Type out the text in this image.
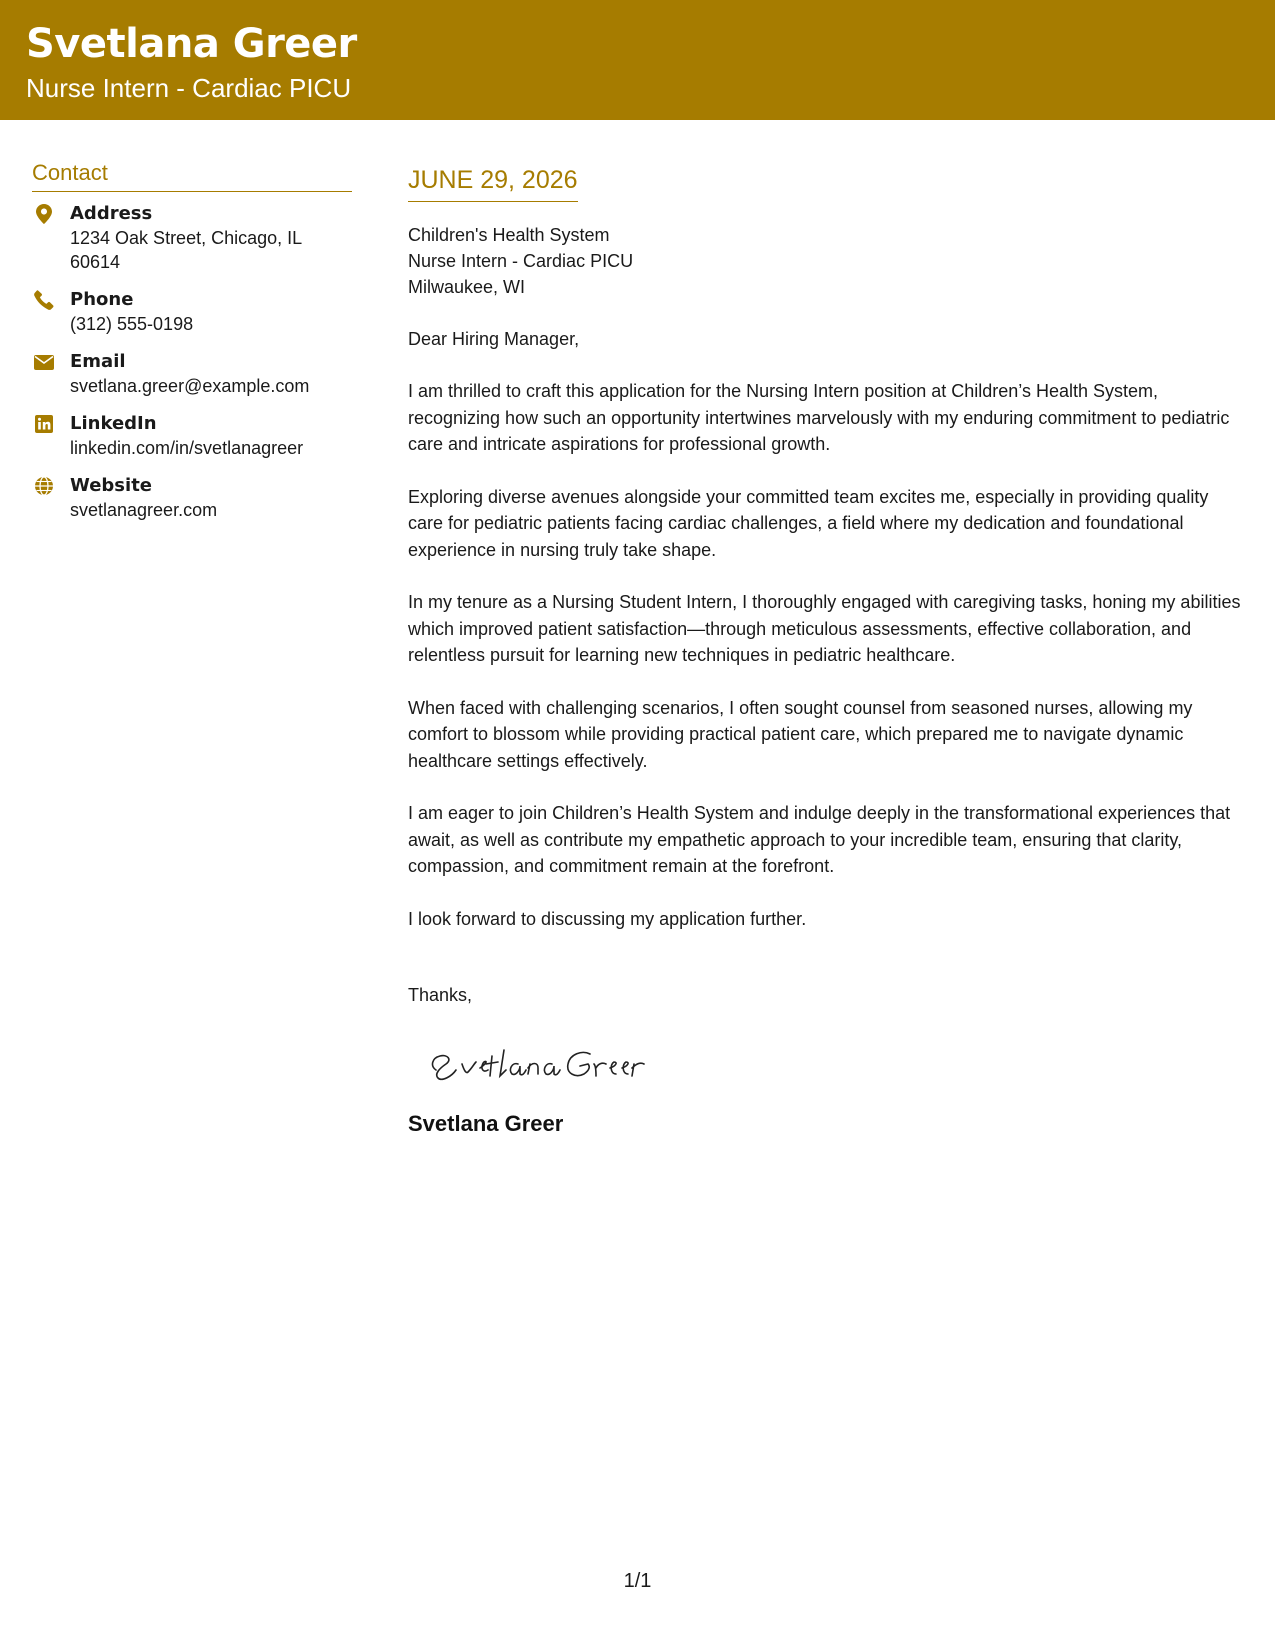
Svetlana Greer
Nurse Intern - Cardiac PICU
Contact
Address
1234 Oak Street, Chicago, IL 60614
Phone
(312) 555-0198
Email
svetlana.greer@example.com
LinkedIn
linkedin.com/in/svetlanagreer
Website
svetlanagreer.com
JUNE 29, 2026
Children's Health System
Nurse Intern - Cardiac PICU
Milwaukee, WI
Dear Hiring Manager,
I am thrilled to craft this application for the Nursing Intern position at Children’s Health System, recognizing how such an opportunity intertwines marvelously with my enduring commitment to pediatric care and intricate aspirations for professional growth.
Exploring diverse avenues alongside your committed team excites me, especially in providing quality care for pediatric patients facing cardiac challenges, a field where my dedication and foundational experience in nursing truly take shape.
In my tenure as a Nursing Student Intern, I thoroughly engaged with caregiving tasks, honing my abilities which improved patient satisfaction—through meticulous assessments, effective collaboration, and relentless pursuit for learning new techniques in pediatric healthcare.
When faced with challenging scenarios, I often sought counsel from seasoned nurses, allowing my comfort to blossom while providing practical patient care, which prepared me to navigate dynamic healthcare settings effectively.
I am eager to join Children’s Health System and indulge deeply in the transformational experiences that await, as well as contribute my empathetic approach to your incredible team, ensuring that clarity, compassion, and commitment remain at the forefront.
I look forward to discussing my application further.
Thanks,
Svetlana Greer
1/1
